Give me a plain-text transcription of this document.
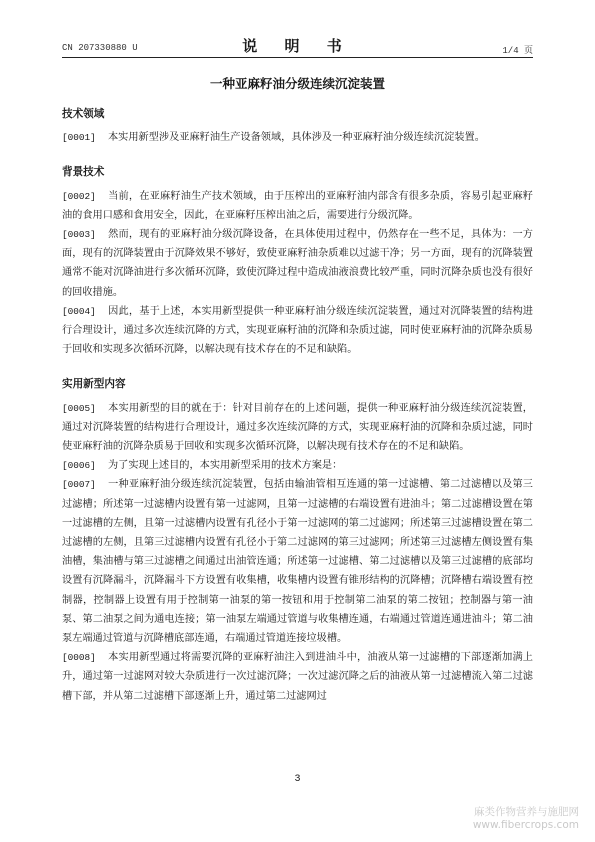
CN 207330880 U	说 明 书	1/4 页
一种亚麻籽油分级连续沉淀装置
技术领域

[0001] 本实用新型涉及亚麻籽油生产设备领域，具体涉及一种亚麻籽油分级连续沉淀装置。

背景技术

[0002] 当前，在亚麻籽油生产技术领域，由于压榨出的亚麻籽油内部含有很多杂质，容易引起亚麻籽油的食用口感和食用安全，因此，在亚麻籽压榨出油之后，需要进行分级沉降。

[0003] 然而，现有的亚麻籽油分级沉降设备，在具体使用过程中，仍然存在一些不足，具体为：一方面，现有的沉降装置由于沉降效果不够好，致使亚麻籽油杂质难以过滤干净；另一方面，现有的沉降装置通常不能对沉降油进行多次循环沉降，致使沉降过程中造成油液浪费比较严重，同时沉降杂质也没有很好的回收措施。

[0004] 因此，基于上述，本实用新型提供一种亚麻籽油分级连续沉淀装置，通过对沉降装置的结构进行合理设计，通过多次连续沉降的方式，实现亚麻籽油的沉降和杂质过滤，同时使亚麻籽油的沉降杂质易于回收和实现多次循环沉降，以解决现有技术存在的不足和缺陷。

实用新型内容

[0005] 本实用新型的目的就在于：针对目前存在的上述问题，提供一种亚麻籽油分级连续沉淀装置，通过对沉降装置的结构进行合理设计，通过多次连续沉降的方式，实现亚麻籽油的沉降和杂质过滤，同时使亚麻籽油的沉降杂质易于回收和实现多次循环沉降，以解决现有技术存在的不足和缺陷。

[0006] 为了实现上述目的，本实用新型采用的技术方案是：

[0007] 一种亚麻籽油分级连续沉淀装置，包括由输油管相互连通的第一过滤槽、第二过滤槽以及第三过滤槽；所述第一过滤槽内设置有第一过滤网，且第一过滤槽的右端设置有进油斗；第二过滤槽设置在第一过滤槽的左侧，且第一过滤槽内设置有孔径小于第一过滤网的第二过滤网；所述第三过滤槽设置在第二过滤槽的左侧，且第三过滤槽内设置有孔径小于第二过滤网的第三过滤网；所述第三过滤槽左侧设置有集油槽，集油槽与第三过滤槽之间通过出油管连通；所述第一过滤槽、第二过滤槽以及第三过滤槽的底部均设置有沉降漏斗，沉降漏斗下方设置有收集槽，收集槽内设置有锥形结构的沉降槽；沉降槽右端设置有控制器，控制器上设置有用于控制第一油泵的第一按钮和用于控制第二油泵的第二按钮；控制器与第一油泵、第二油泵之间为通电连接；第一油泵左端通过管道与收集槽连通，右端通过管道连通进油斗；第二油泵左端通过管道与沉降槽底部连通，右端通过管道连接垃圾槽。

[0008] 本实用新型通过将需要沉降的亚麻籽油注入到进油斗中，油液从第一过滤槽的下部逐渐加满上升，通过第一过滤网对较大杂质进行一次过滤沉降；一次过滤沉降之后的油液从第一过滤槽流入第二过滤槽下部，并从第二过滤槽下部逐渐上升，通过第二过滤网过

3
麻类作物营养与施肥网
www.fibercrops.com
